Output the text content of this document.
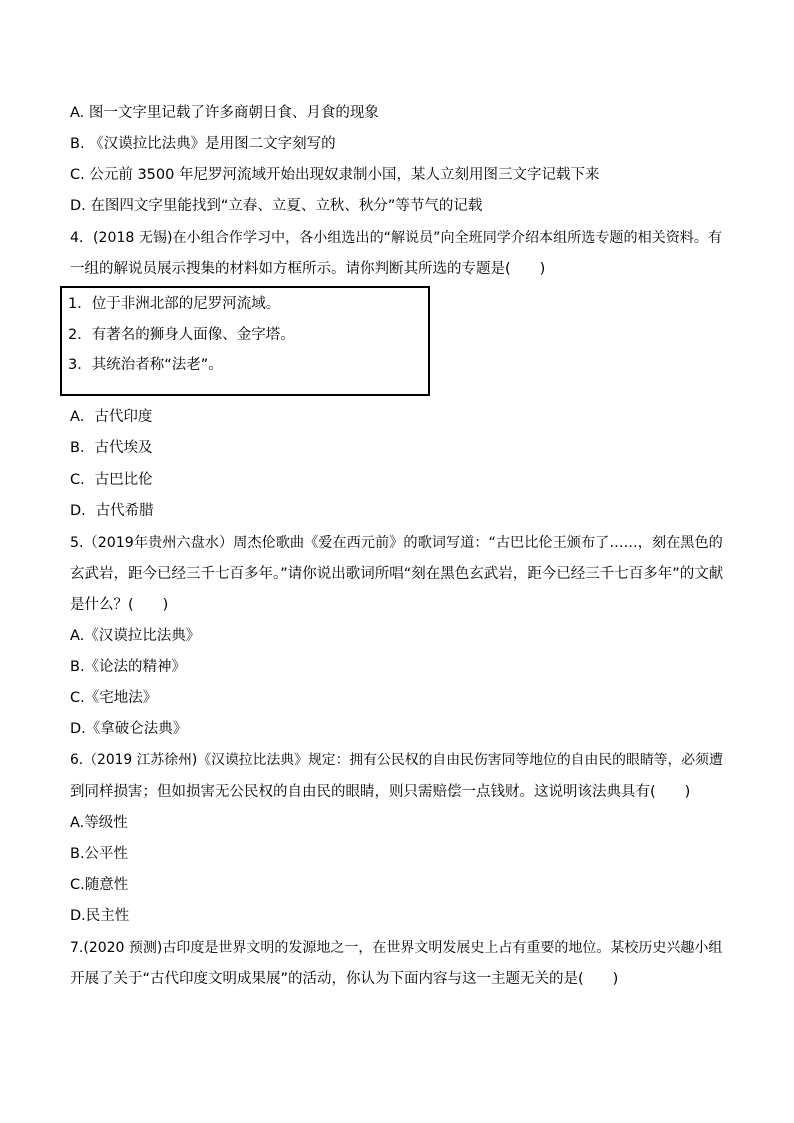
A. 图一文字里记载了许多商朝日食、月食的现象
B. 《汉谟拉比法典》是用图二文字刻写的
C. 公元前 3500 年尼罗河流域开始出现奴隶制小国，某人立刻用图三文字记载下来
D. 在图四文字里能找到“立春、立夏、立秋、秋分”等节气的记载
4．(2018 无锡)在小组合作学习中，各小组选出的“解说员”向全班同学介绍本组所选专题的相关资料。有
一组的解说员展示搜集的材料如方框所示。请你判断其所选的专题是(　　)
1．位于非洲北部的尼罗河流域。
2．有著名的狮身人面像、金字塔。
3．其统治者称“法老”。
A．古代印度
B．古代埃及
C．古巴比伦
D．古代希腊
5.（2019年贵州六盘水）周杰伦歌曲《爱在西元前》的歌词写道：“古巴比伦王颁布了……，刻在黑色的
玄武岩，距今已经三千七百多年。”请你说出歌词所唱“刻在黑色玄武岩，距今已经三千七百多年”的文献
是什么？(　　)
A.《汉谟拉比法典》
B.《论法的精神》
C.《宅地法》
D.《拿破仑法典》
6.（2019 江苏徐州)《汉谟拉比法典》规定：拥有公民权的自由民伤害同等地位的自由民的眼睛等，必须遭
到同样损害；但如损害无公民权的自由民的眼睛，则只需赔偿一点钱财。这说明该法典具有(　　)
A.等级性
B.公平性
C.随意性
D.民主性
7.(2020 预测)古印度是世界文明的发源地之一，在世界文明发展史上占有重要的地位。某校历史兴趣小组
开展了关于“古代印度文明成果展”的活动，你认为下面内容与这一主题无关的是(　　)
